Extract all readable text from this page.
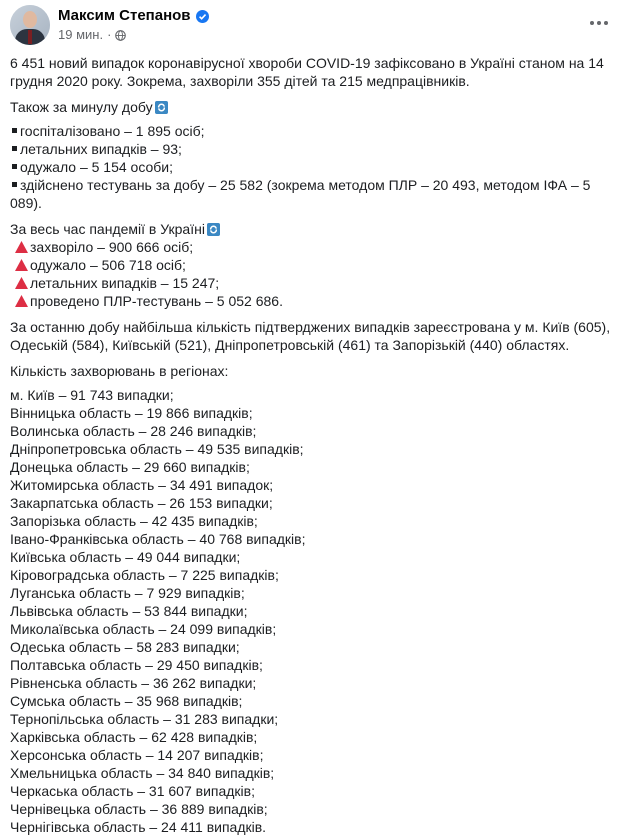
Максим Степанов
19 мин. ·

6 451 новий випадок коронавірусної хвороби COVID-19 зафіксовано в Україні станом на 14

грудня 2020 року. Зокрема, захворіли 355 дітей та 215 медпрацівників.

Також за минулу добу
госпіталізовано – 1 895 осіб;
летальних випадків – 93;
одужало – 5 154 особи;
здійснено тестувань за добу – 25 582 (зокрема методом ПЛР – 20 493, методом ІФА – 5
089).
За весь час пандемії в Україні
захворіло – 900 666 осіб;
одужало – 506 718 осіб;
летальних випадків – 15 247;
проведено ПЛР-тестувань – 5 052 686.

За останню добу найбільша кількість підтверджених випадків зареєстрована у м. Київ (605),

Одеській (584), Київській (521), Дніпропетровській (461) та Запорізькій (440) областях.

Кількість захворювань в регіонах:

м. Київ – 91 743 випадки;
Вінницька область – 19 866 випадків;
Волинська область – 28 246 випадків;
Дніпропетровська область – 49 535 випадків;
Донецька область – 29 660 випадків;
Житомирська область – 34 491 випадок;
Закарпатська область – 26 153 випадки;
Запорізька область – 42 435 випадків;
Івано-Франківська область – 40 768 випадків;
Київська область – 49 044 випадки;
Кіровоградська область – 7 225 випадків;
Луганська область – 7 929 випадків;
Львівська область – 53 844 випадки;
Миколаївська область – 24 099 випадків;
Одеська область – 58 283 випадки;
Полтавська область – 29 450 випадків;
Рівненська область – 36 262 випадки;
Сумська область – 35 968 випадків;
Тернопільська область – 31 283 випадки;
Харківська область – 62 428 випадків;
Херсонська область – 14 207 випадків;
Хмельницька область – 34 840 випадків;
Черкаська область – 31 607 випадків;
Чернівецька область – 36 889 випадків;
Чернігівська область – 24 411 випадків.
